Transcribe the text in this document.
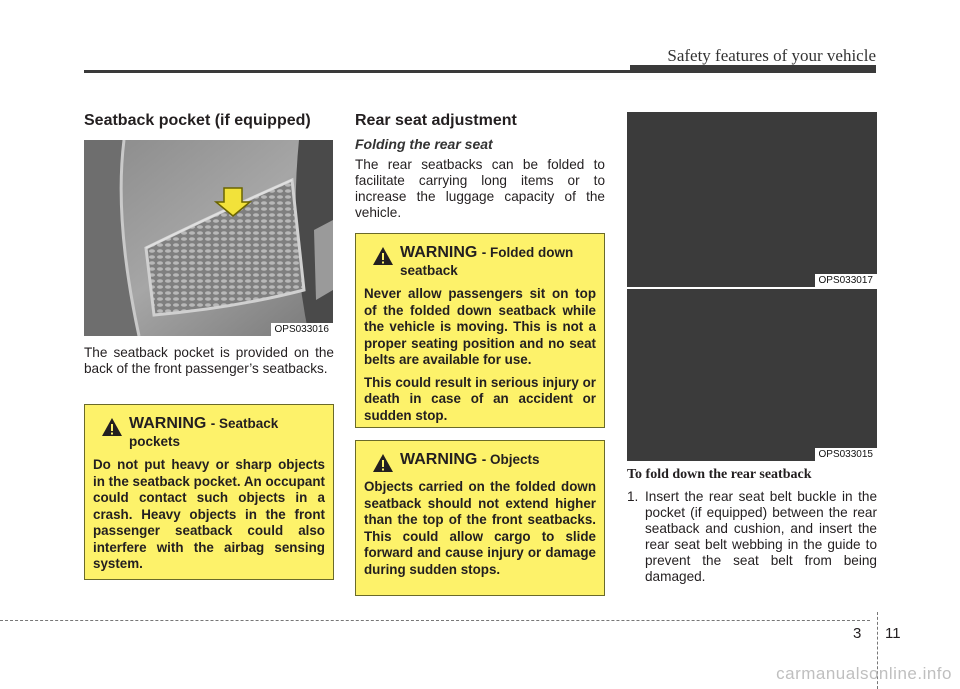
Safety features of your vehicle
Seatback pocket (if equipped)
OPS033016

The seatback pocket is provided on the back of the front passenger’s seatbacks.

WARNING - Seatback pockets

Do not put heavy or sharp objects in the seatback pocket. An occupant could contact such objects in a crash. Heavy objects in the front passenger seatback could also interfere with the airbag sensing system.

Rear seat adjustment
Folding the rear seat

The rear seatbacks can be folded to facilitate carrying long items or to increase the luggage capacity of the vehicle.

WARNING - Folded down seatback

Never allow passengers sit on top of the folded down seatback while the vehicle is moving. This is not a proper seating position and no seat belts are available for use.

This could result in serious injury or death in case of an accident or sudden stop.

WARNING - Objects

Objects carried on the folded down seatback should not extend higher than the top of the front seatbacks. This could allow cargo to slide forward and cause injury or damage during sudden stops.

OPS033017
OPS033015
To fold down the rear seatback
1. Insert the rear seat belt buckle in the pocket (if equipped) between the rear seatback and cushion, and insert the rear seat belt webbing in the guide to prevent the seat belt from being damaged.
3 11
carmanualsonline.info
